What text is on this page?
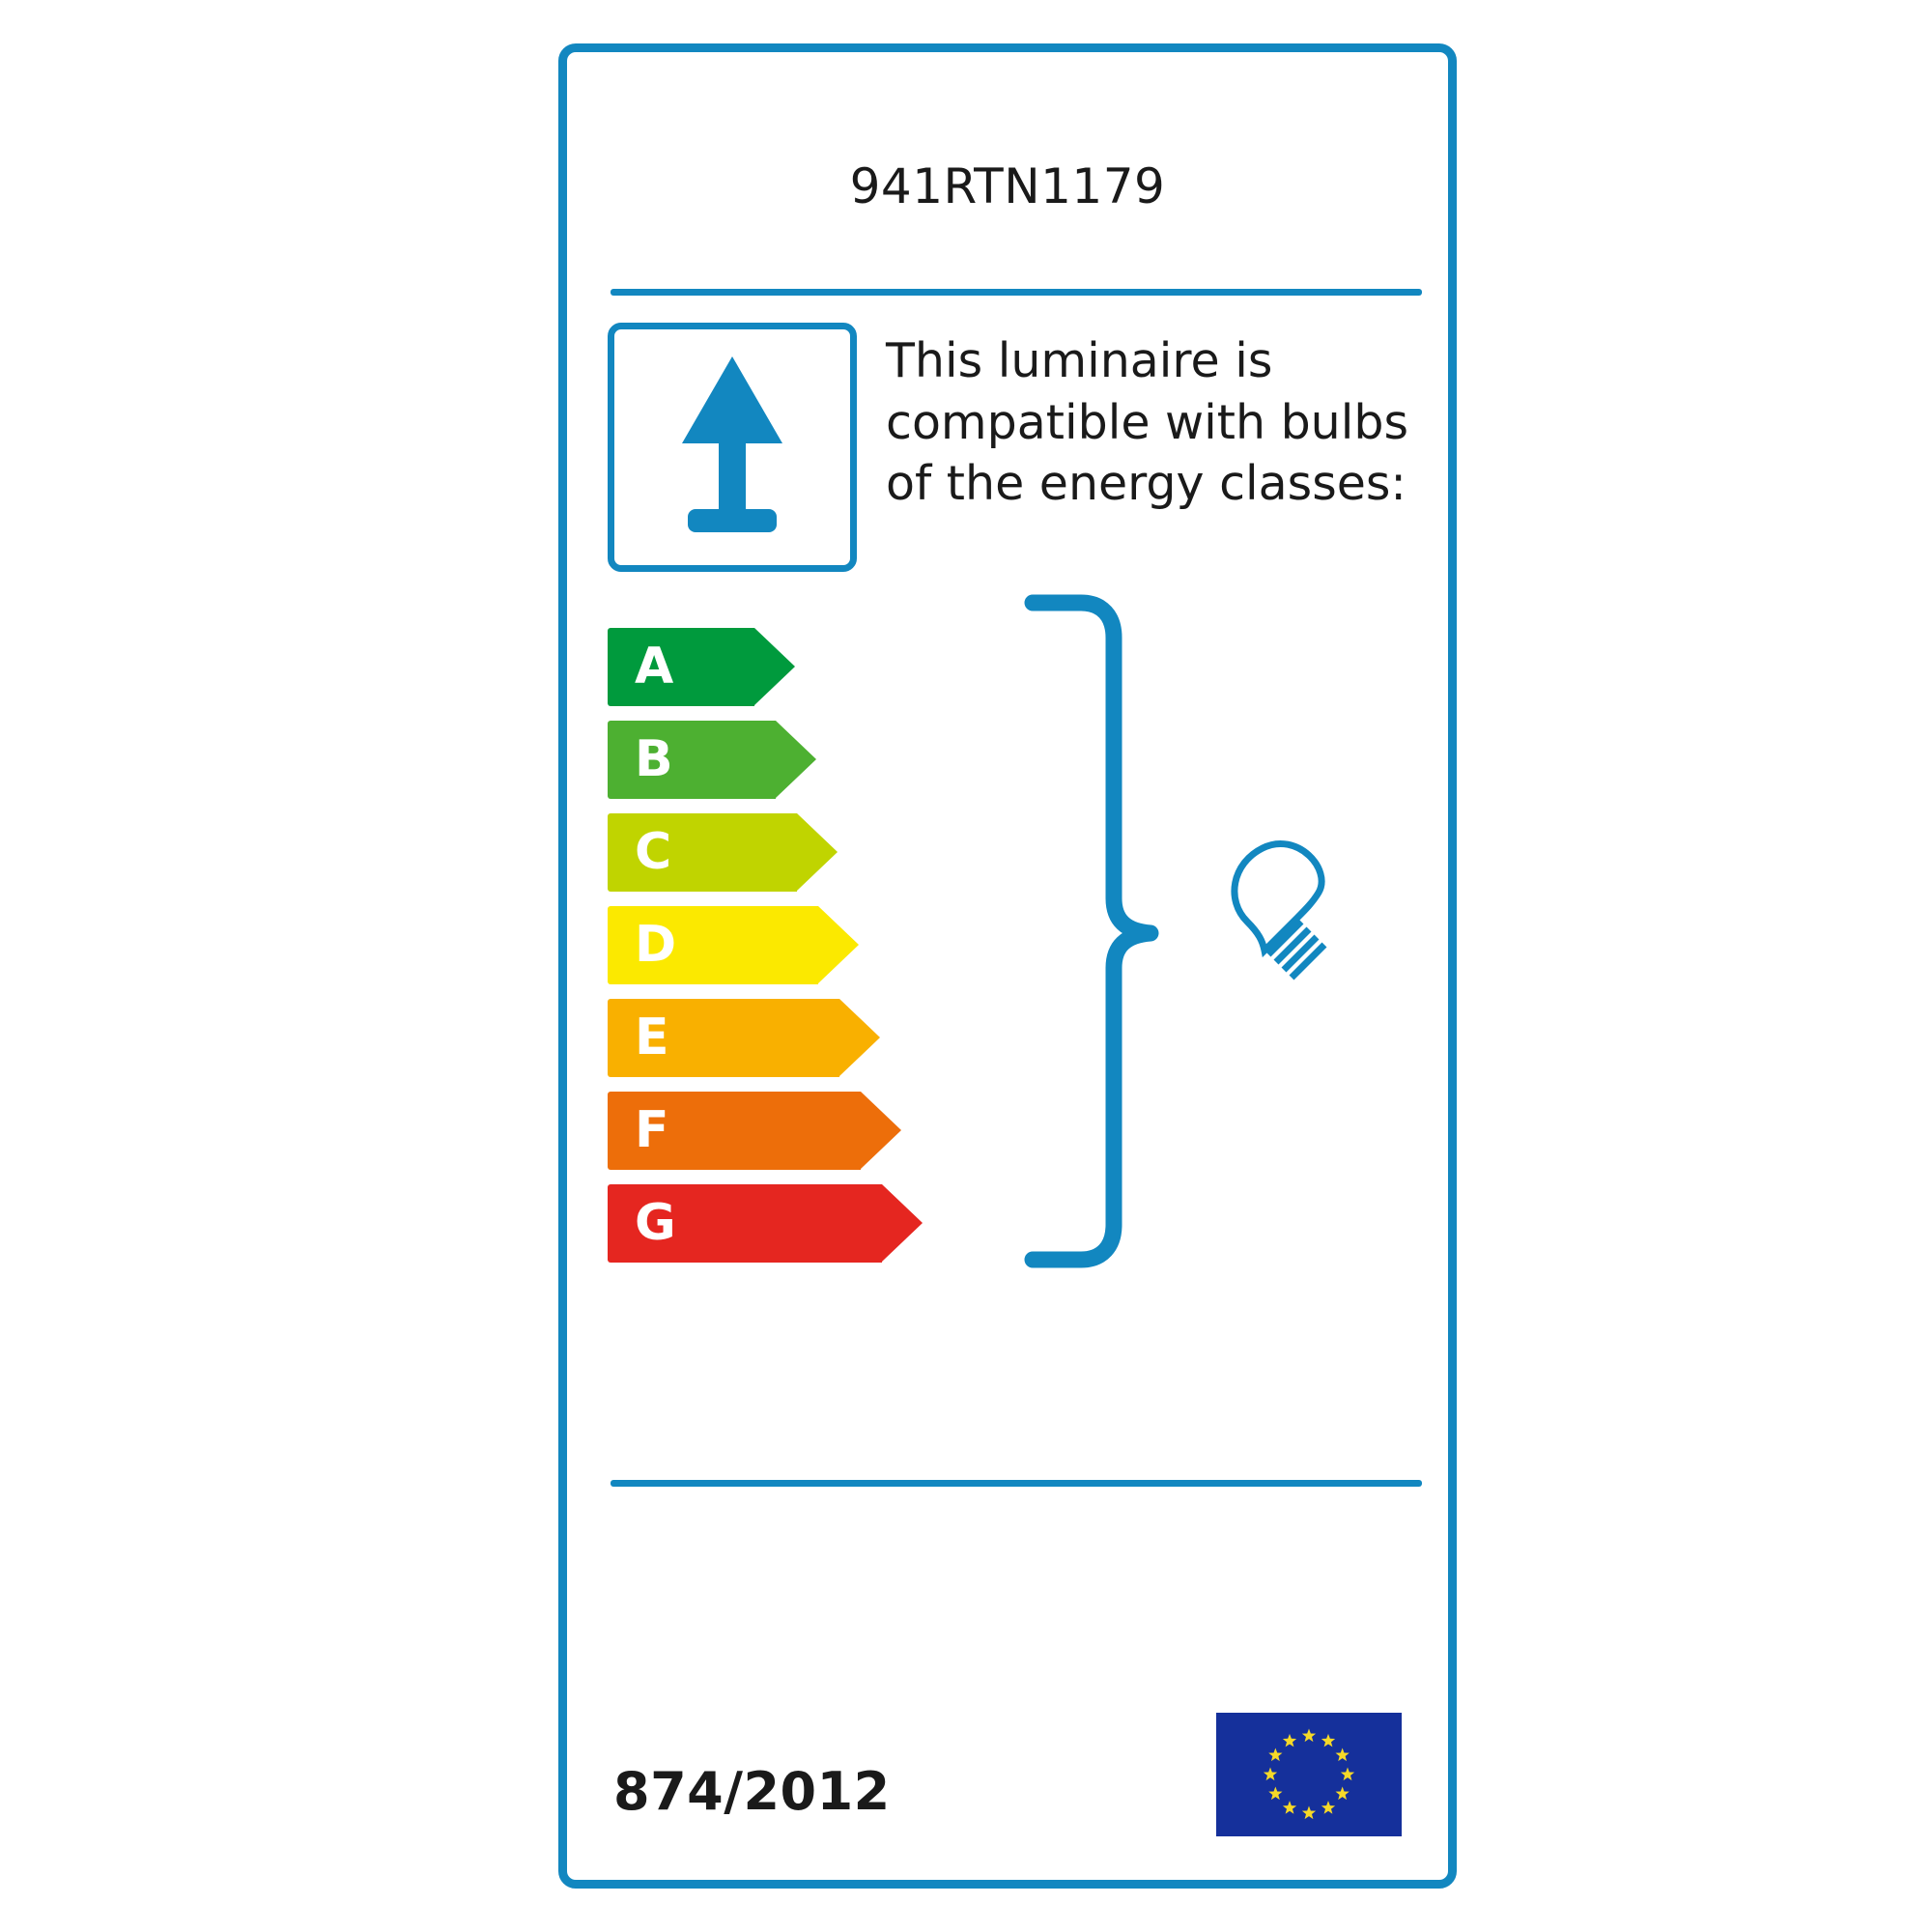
941RTN1179
This luminaire is compatible with bulbs of the energy classes:
A
B
C
D
E
F
G
874/2012
